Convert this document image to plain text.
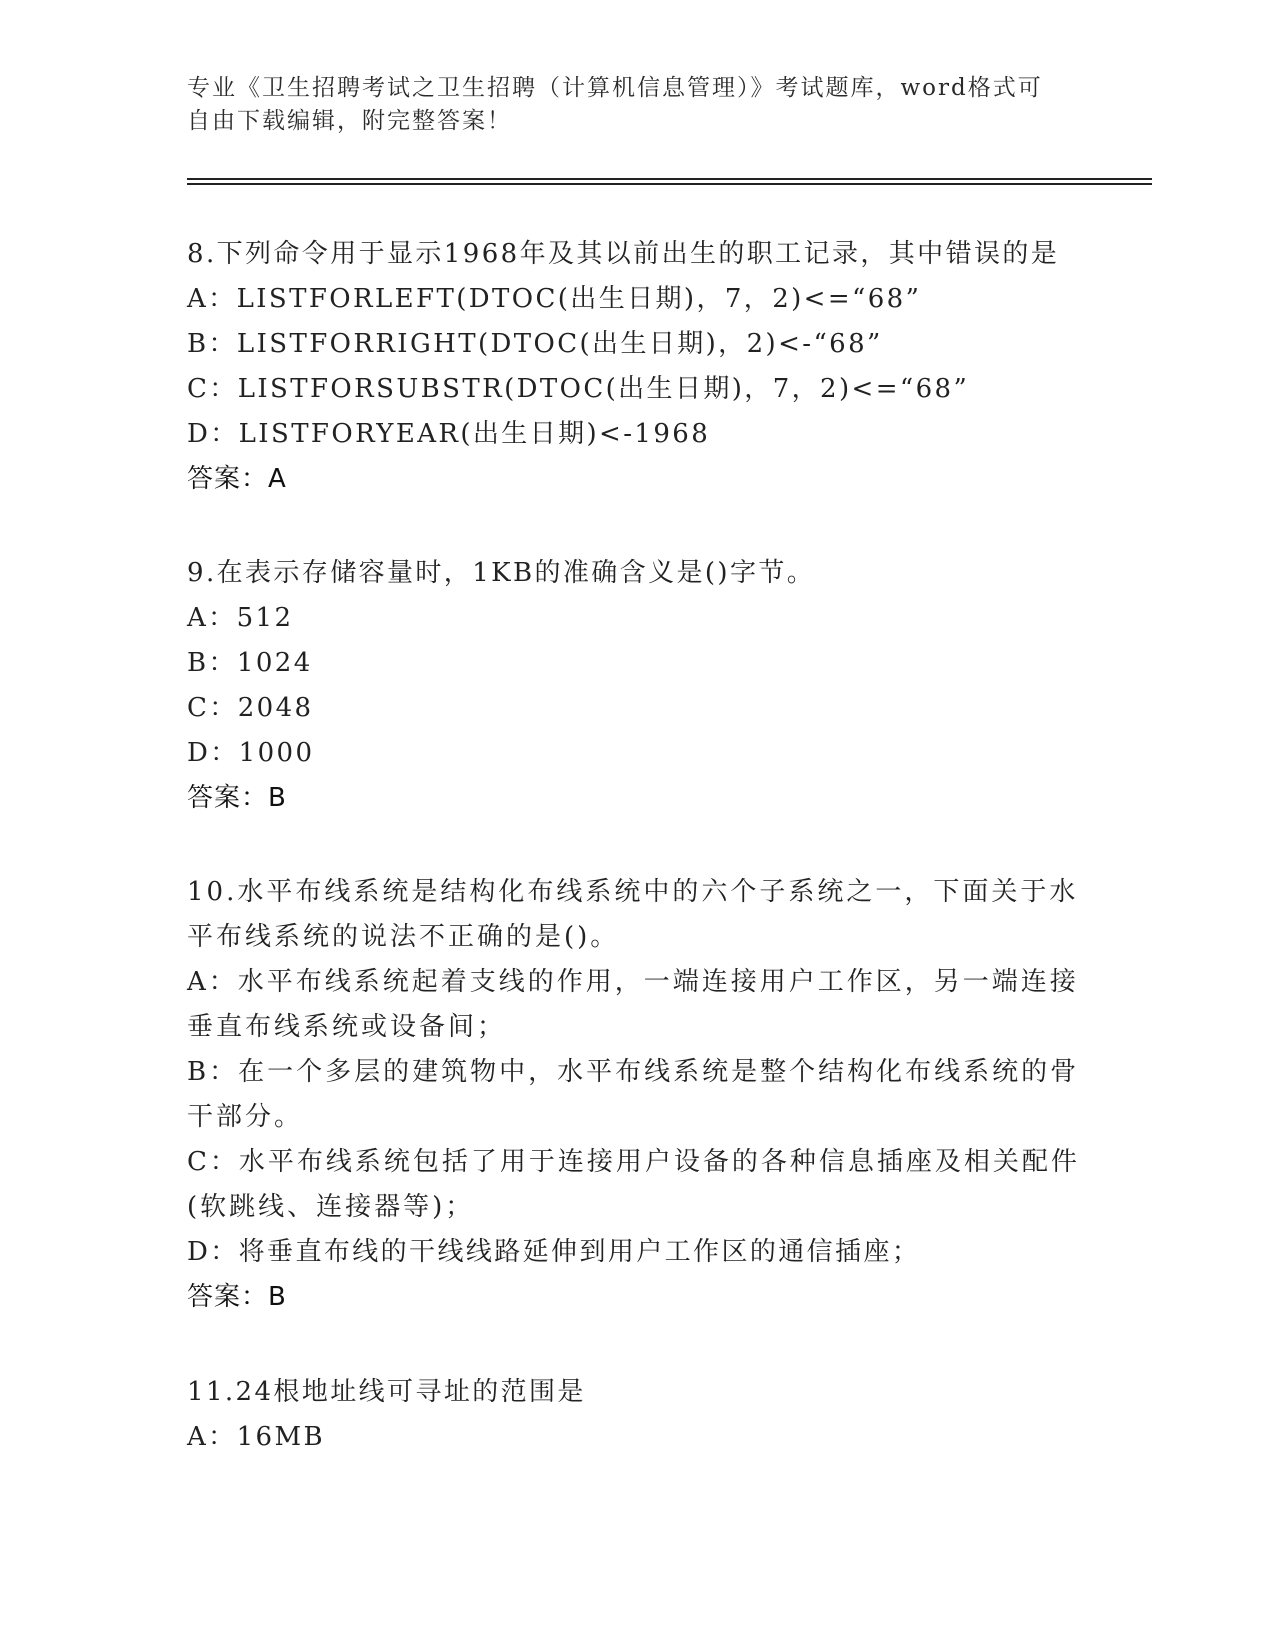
专业《卫生招聘考试之卫生招聘（计算机信息管理）》考试题库，word格式可自由下载编辑，附完整答案！
8.下列命令用于显示1968年及其以前出生的职工记录，其中错误的是
A：LISTFORLEFT(DTOC(出生日期)，7，2)<=“68”
B：LISTFORRIGHT(DTOC(出生日期)，2)<-“68”
C：LISTFORSUBSTR(DTOC(出生日期)，7，2)<=“68”
D：LISTFORYEAR(出生日期)<-1968
答案：A
9.在表示存储容量时，1KB的准确含义是()字节。
A：512
B：1024
C：2048
D：1000
答案：B
10.水平布线系统是结构化布线系统中的六个子系统之一，下面关于水平布线系统的说法不正确的是()。
A：水平布线系统起着支线的作用，一端连接用户工作区，另一端连接垂直布线系统或设备间；
B：在一个多层的建筑物中，水平布线系统是整个结构化布线系统的骨干部分。
C：水平布线系统包括了用于连接用户设备的各种信息插座及相关配件(软跳线、连接器等)；
D：将垂直布线的干线线路延伸到用户工作区的通信插座；
答案：B
11.24根地址线可寻址的范围是
A：16MB
